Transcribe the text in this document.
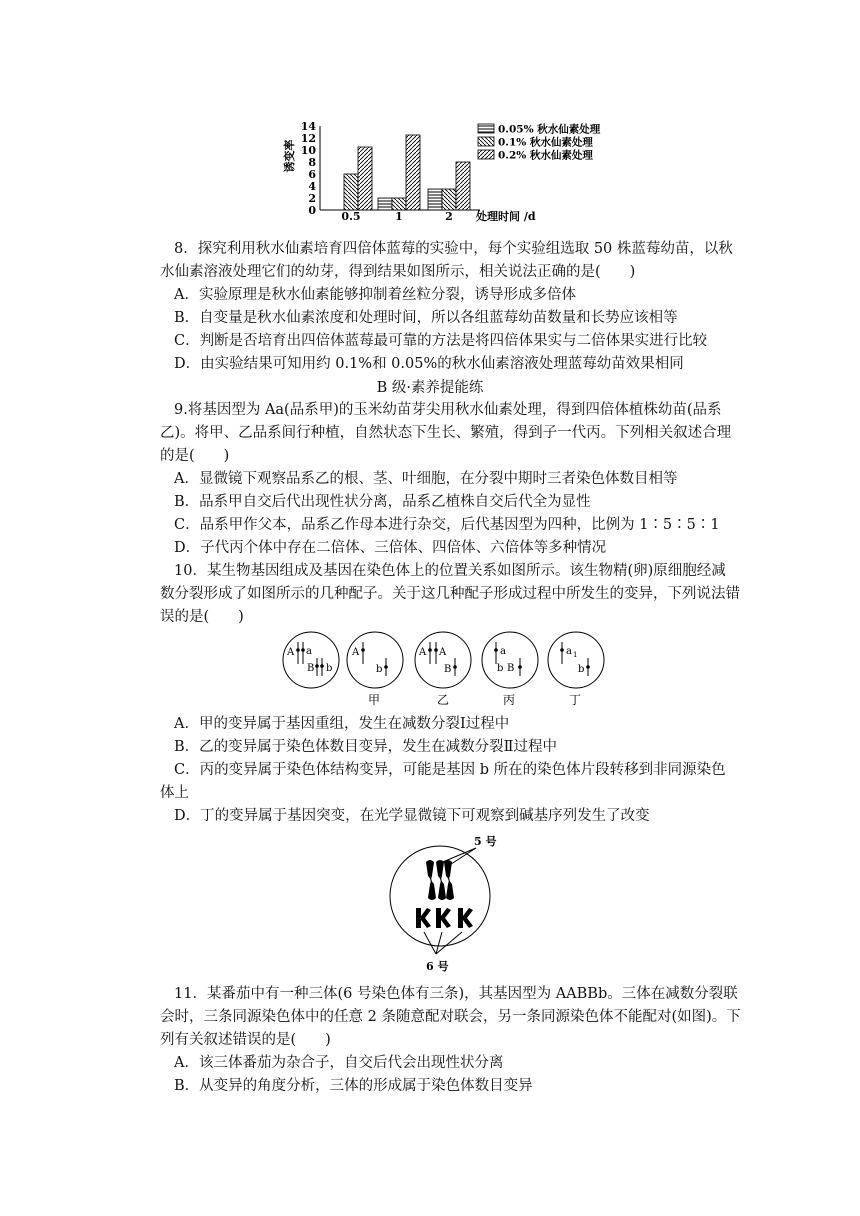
诱变率
0
2
4
6
8
10
12
14
0.5	1	2 处理时间 /d
0.05% 秋水仙素处理
0.1% 秋水仙素处理
0.2% 秋水仙素处理
8．探究利用秋水仙素培育四倍体蓝莓的实验中，每个实验组选取 50 株蓝莓幼苗，以秋
水仙素溶液处理它们的幼芽，得到结果如图所示，相关说法正确的是(　　)
A．实验原理是秋水仙素能够抑制着丝粒分裂，诱导形成多倍体
B．自变量是秋水仙素浓度和处理时间，所以各组蓝莓幼苗数量和长势应该相等
C．判断是否培育出四倍体蓝莓最可靠的方法是将四倍体果实与二倍体果实进行比较
D．由实验结果可知用约 0.1%和 0.05%的秋水仙素溶液处理蓝莓幼苗效果相同
B 级·素养提能练
9.将基因型为 Aa(品系甲)的玉米幼苗芽尖用秋水仙素处理，得到四倍体植株幼苗(品系
乙)。将甲、乙品系间行种植，自然状态下生长、繁殖，得到子一代丙。下列相关叙述合理
的是(　　)
A．显微镜下观察品系乙的根、茎、叶细胞，在分裂中期时三者染色体数目相等
B．品系甲自交后代出现性状分离，品系乙植株自交后代全为显性
C．品系甲作父本，品系乙作母本进行杂交，后代基因型为四种，比例为 1∶5∶5∶1
D．子代丙个体中存在二倍体、三倍体、四倍体、六倍体等多种情况
10．某生物基因组成及基因在染色体上的位置关系如图所示。该生物精(卵)原细胞经减
数分裂形成了如图所示的几种配子。关于这几种配子形成过程中所发生的变异，下列说法错
误的是(　　)
A a
B b
A
b
A A
B
a
b B
a 1
b
甲	乙	丙	丁
A．甲的变异属于基因重组，发生在减数分裂Ⅰ过程中
B．乙的变异属于染色体数目变异，发生在减数分裂Ⅱ过程中
C．丙的变异属于染色体结构变异，可能是基因 b 所在的染色体片段转移到非同源染色
体上
D．丁的变异属于基因突变，在光学显微镜下可观察到碱基序列发生了改变
5 号
6 号
11．某番茄中有一种三体(6 号染色体有三条)，其基因型为 AABBb。三体在减数分裂联
会时，三条同源染色体中的任意 2 条随意配对联会，另一条同源染色体不能配对(如图)。下
列有关叙述错误的是(　　)
A．该三体番茄为杂合子，自交后代会出现性状分离
B．从变异的角度分析，三体的形成属于染色体数目变异
